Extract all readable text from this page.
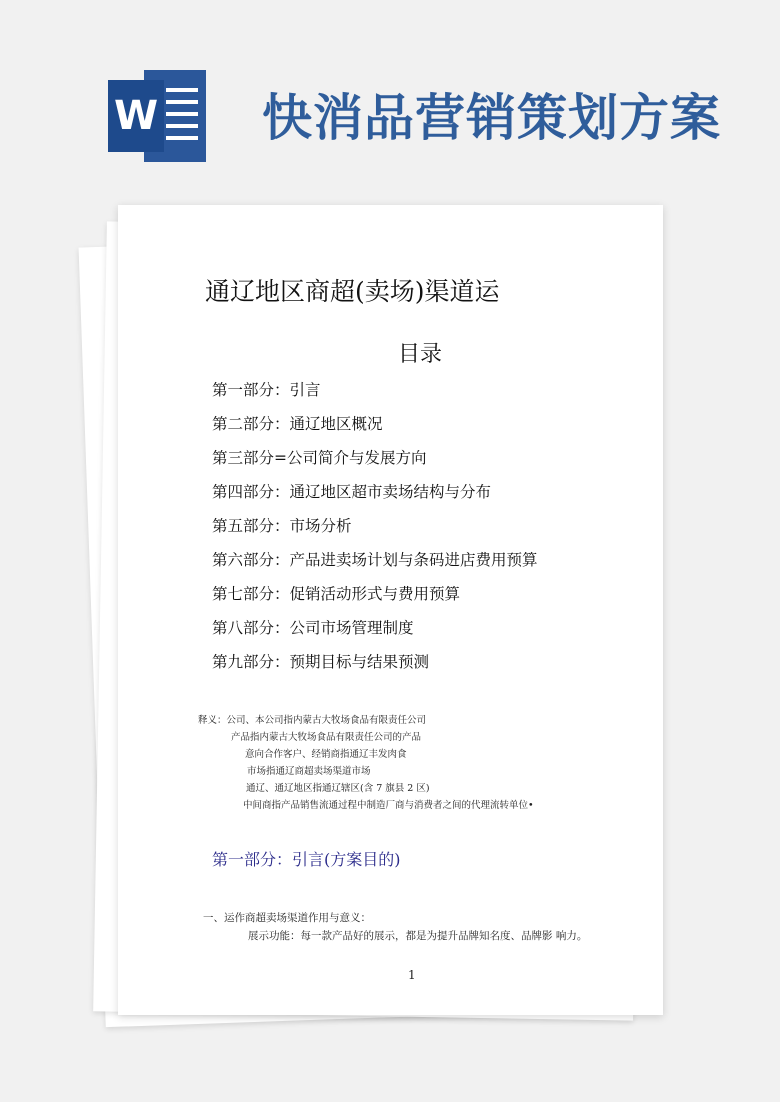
W 快消品营销策划方案
通辽地区商超(卖场)渠道运
目录
第一部分：引言
第二部分：通辽地区概况
第三部分=公司简介与发展方向
第四部分：通辽地区超市卖场结构与分布
第五部分：市场分析
第六部分：产品进卖场计划与条码进店费用预算
第七部分：促销活动形式与费用预算
第八部分：公司市场管理制度
第九部分：预期目标与结果预测
释义：公司、本公司指内蒙古大牧场食品有限责任公司
产品指内蒙古大牧场食品有限责任公司的产品
意向合作客户、经销商指通辽丰发肉食
市场指通辽商超卖场渠道市场
通辽、通辽地区指通辽辖区(含 7 旗县 2 区)
中间商指产品销售流通过程中制造厂商与消费者之间的代理流转单位•
第一部分：引言(方案目的)
一、运作商超卖场渠道作用与意义：
展示功能：每一款产品好的展示，都是为提升品牌知名度、品牌影 响力。
1
